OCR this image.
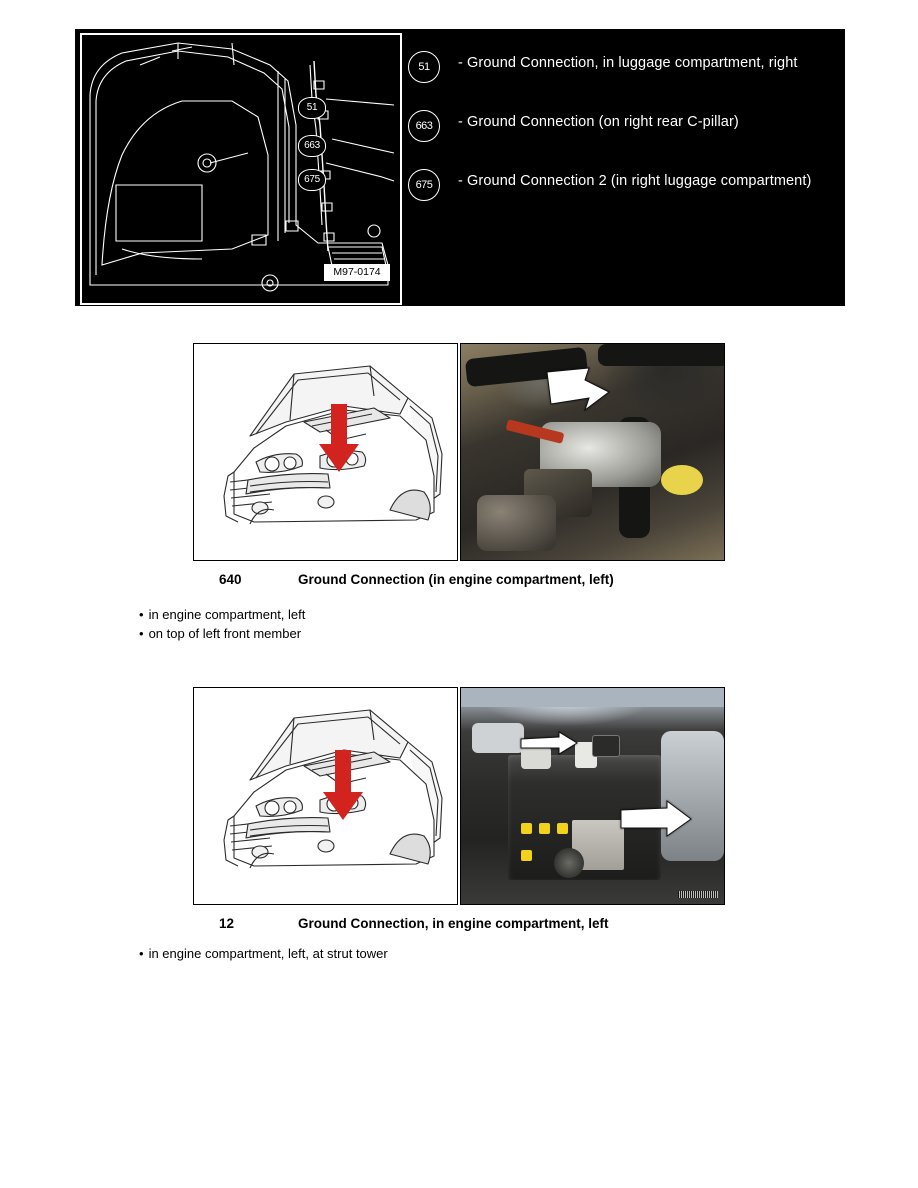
51
663
675
M97-0174
51	- Ground Connection, in luggage compartment, right
663	- Ground Connection (on right rear C-pillar)
675	- Ground Connection 2 (in right luggage compartment)
640	Ground Connection (in engine compartment, left)
• in engine compartment, left
• on top of left front member
12	Ground Connection, in engine compartment, left
• in engine compartment, left, at strut tower
